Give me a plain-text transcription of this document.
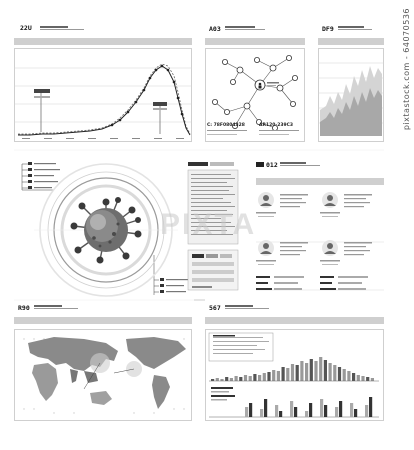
22U	A03
C: 78F0804328	AR120-239C3
DF9
012
R90	567
PIXTA
pixtastock.com - 64070536
